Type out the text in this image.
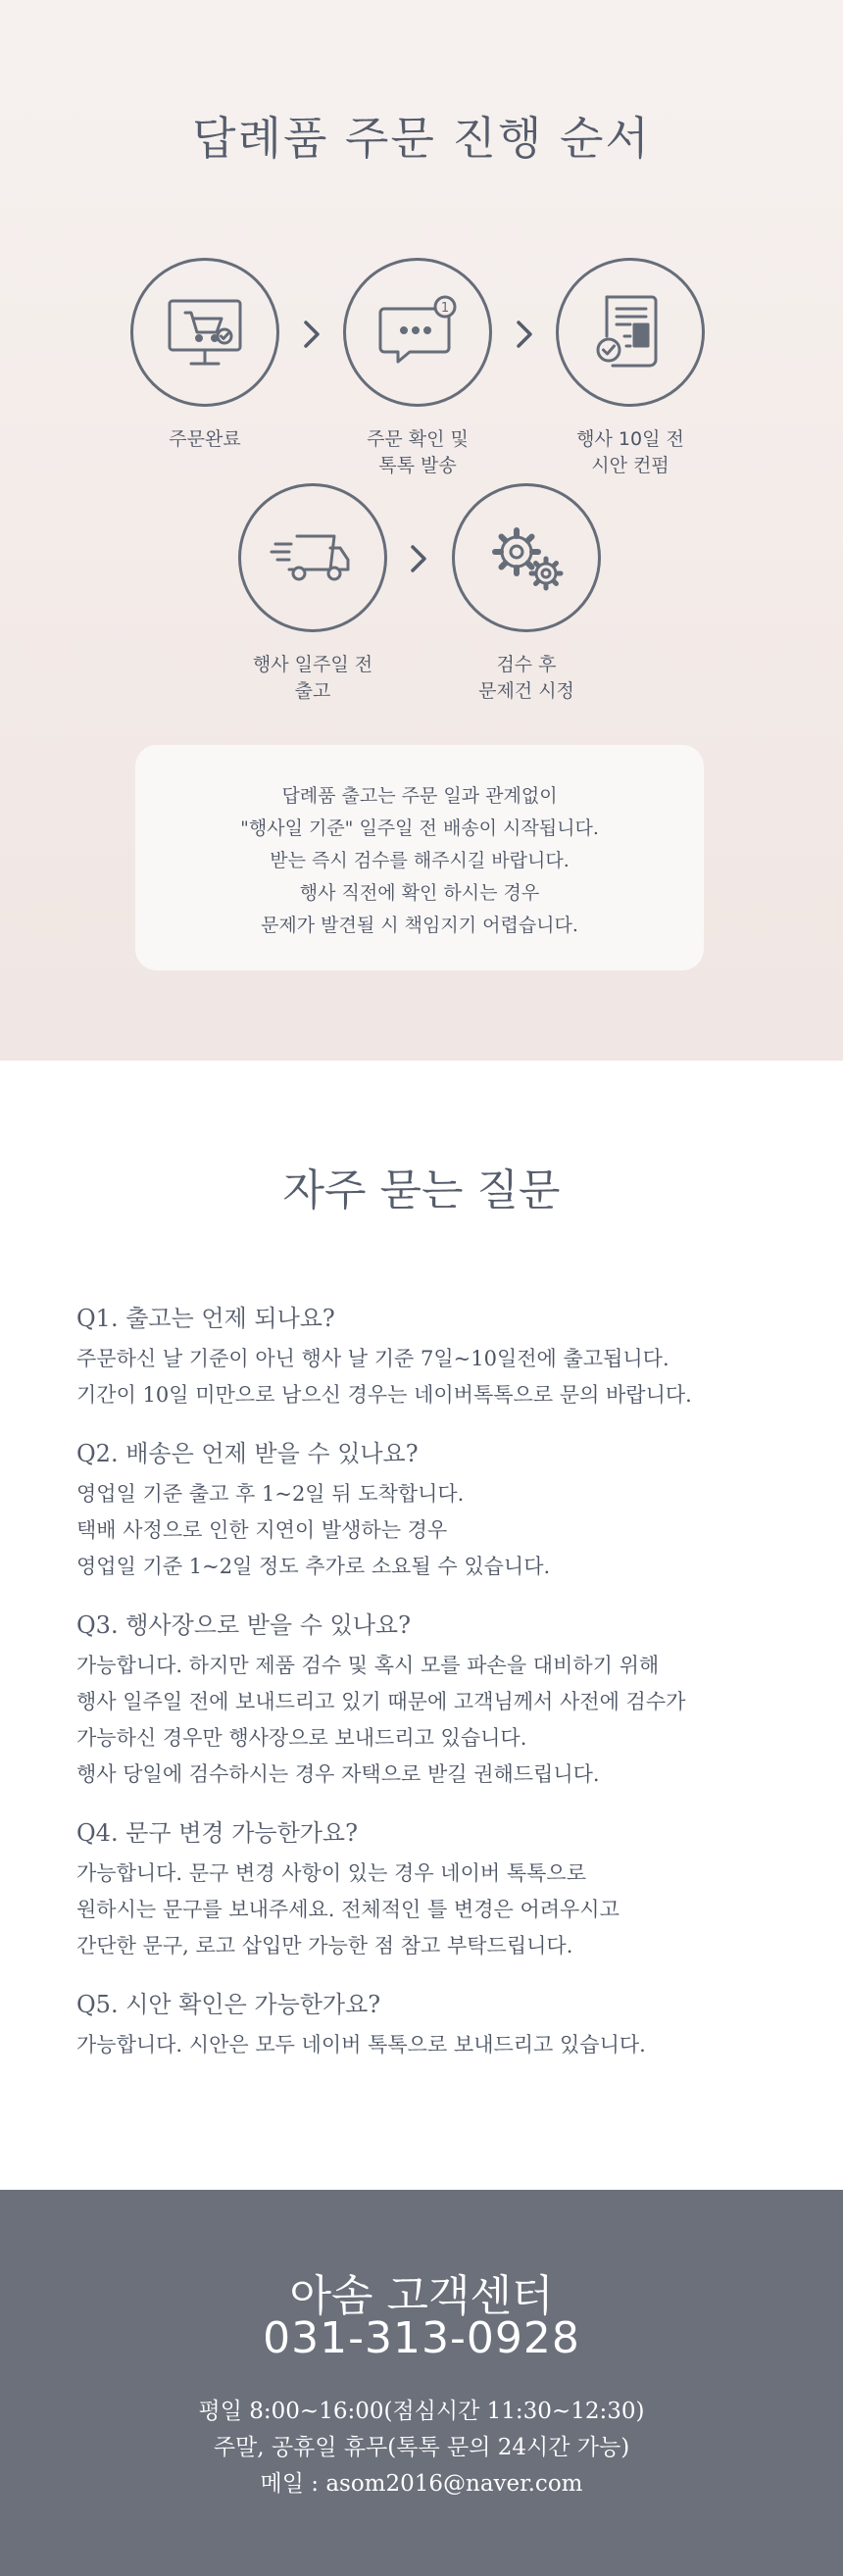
답례품 주문 진행 순서
주문완료
1
주문 확인 및
톡톡 발송
행사 10일 전
시안 컨펌
행사 일주일 전
출고
검수 후
문제건 시정
답례품 출고는 주문 일과 관계없이
"행사일 기준" 일주일 전 배송이 시작됩니다.
받는 즉시 검수를 해주시길 바랍니다.
행사 직전에 확인 하시는 경우
문제가 발견될 시 책임지기 어렵습니다.
자주 묻는 질문
Q1. 출고는 언제 되나요?
주문하신 날 기준이 아닌 행사 날 기준 7일~10일전에 출고됩니다.
기간이 10일 미만으로 남으신 경우는 네이버톡톡으로 문의 바랍니다.
Q2. 배송은 언제 받을 수 있나요?
영업일 기준 출고 후 1~2일 뒤 도착합니다.
택배 사정으로 인한 지연이 발생하는 경우
영업일 기준 1~2일 정도 추가로 소요될 수 있습니다.
Q3. 행사장으로 받을 수 있나요?
가능합니다. 하지만 제품 검수 및 혹시 모를 파손을 대비하기 위해
행사 일주일 전에 보내드리고 있기 때문에 고객님께서 사전에 검수가
가능하신 경우만 행사장으로 보내드리고 있습니다.
행사 당일에 검수하시는 경우 자택으로 받길 권해드립니다.
Q4. 문구 변경 가능한가요?
가능합니다. 문구 변경 사항이 있는 경우 네이버 톡톡으로
원하시는 문구를 보내주세요. 전체적인 틀 변경은 어려우시고
간단한 문구, 로고 삽입만 가능한 점 참고 부탁드립니다.
Q5. 시안 확인은 가능한가요?
가능합니다. 시안은 모두 네이버 톡톡으로 보내드리고 있습니다.
아솜 고객센터
031-313-0928
평일 8:00~16:00(점심시간 11:30~12:30)
주말, 공휴일 휴무(톡톡 문의 24시간 가능)
메일 : asom2016@naver.com
